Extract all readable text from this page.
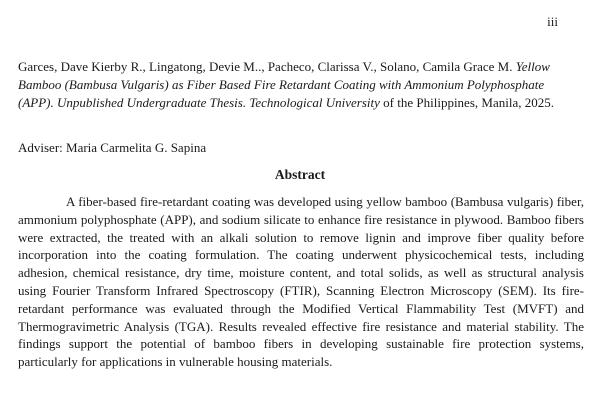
iii
Garces, Dave Kierby R., Lingatong, Devie M.., Pacheco, Clarissa V., Solano, Camila Grace M. Yellow Bamboo (Bambusa Vulgaris) as Fiber Based Fire Retardant Coating with Ammonium Polyphosphate (APP). Unpublished Undergraduate Thesis. Technological University of the Philippines, Manila, 2025.
Adviser: Maria Carmelita G. Sapina
Abstract

A fiber-based fire-retardant coating was developed using yellow bamboo (Bambusa vulgaris) fiber, ammonium polyphosphate (APP), and sodium silicate to enhance fire resistance in plywood. Bamboo fibers were extracted, the treated with an alkali solution to remove lignin and improve fiber quality before incorporation into the coating formulation. The coating underwent physicochemical tests, including adhesion, chemical resistance, dry time, moisture content, and total solids, as well as structural analysis using Fourier Transform Infrared Spectroscopy (FTIR), Scanning Electron Microscopy (SEM). Its fire-retardant performance was evaluated through the Modified Vertical Flammability Test (MVFT) and Thermogravimetric Analysis (TGA). Results revealed effective fire resistance and material stability. The findings support the potential of bamboo fibers in developing sustainable fire protection systems, particularly for applications in vulnerable housing materials.
